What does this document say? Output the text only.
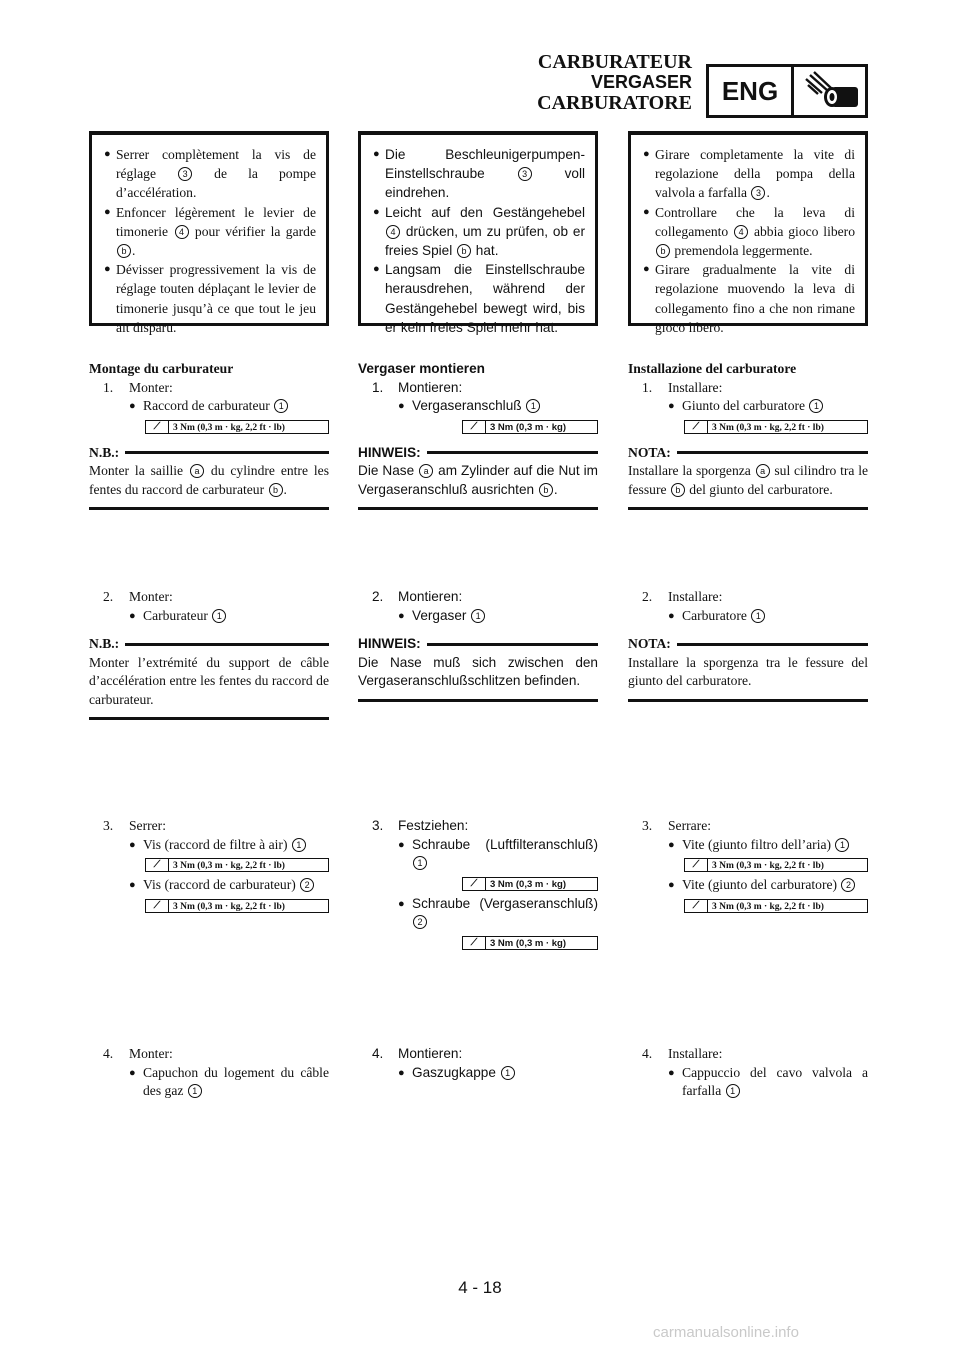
CARBURATEUR
VERGASER
CARBURATORE	ENG
● Serrer complètement la vis de réglage 3 de la pompe d’accélération.
● Enfoncer légèrement le levier de timonerie 4 pour vérifier la garde b .
● Dévisser progressivement la vis de réglage touten déplaçant le levier de timonerie jusqu’à ce que tout le jeu ait disparu.
● Die Beschleunigerpumpen-Einstellschraube 3 voll eindrehen.
● Leicht auf den Gestängehebel 4 drücken, um zu prüfen, ob er freies Spiel b hat.
● Langsam die Einstellschraube herausdrehen, während der Gestängehebel bewegt wird, bis er kein freies Spiel mehr hat.
● Girare completamente la vite di regolazione della pompa della valvola a farfalla 3 .
● Controllare che la leva di collegamento 4 abbia gioco libero b premendola leggermente.
● Girare gradualmente la vite di regolazione muovendo la leva di collegamento fino a che non rimane gioco libero.
Montage du carburateur
1. Monter:
● Raccord de carburateur 1
⟋	3 Nm (0,3 m · kg, 2,2 ft · lb)
N.B.:
Monter la saillie a du cylindre entre les fentes du raccord de carburateur b .
Vergaser montieren
1. Montieren:
● Vergaseranschluß 1
⟋	3 Nm (0,3 m · kg)
HINWEIS:
Die Nase a am Zylinder auf die Nut im Vergaseranschluß ausrichten b .
Installazione del carburatore
1. Installare:
● Giunto del carburatore 1
⟋	3 Nm (0,3 m · kg, 2,2 ft · lb)
NOTA:
Installare la sporgenza a sul cilindro tra le fessure b del giunto del carburatore.
2. Monter:
● Carburateur 1
N.B.:
Monter l’extrémité du support de câble d’accélération entre les fentes du raccord de carburateur.
2. Montieren:
● Vergaser 1
HINWEIS:
Die Nase muß sich zwischen den Vergaseranschlußschlitzen befinden.
2. Installare:
● Carburatore 1
NOTA:
Installare la sporgenza tra le fessure del giunto del carburatore.
3. Serrer:
● Vis (raccord de filtre à air) 1
⟋	3 Nm (0,3 m · kg, 2,2 ft · lb)
● Vis (raccord de carburateur) 2
⟋	3 Nm (0,3 m · kg, 2,2 ft · lb)
3. Festziehen:
● Schraube (Luftfilteranschluß) 1
⟋	3 Nm (0,3 m · kg)
● Schraube (Vergaseranschluß) 2
⟋	3 Nm (0,3 m · kg)
3. Serrare:
● Vite (giunto filtro dell’aria) 1
⟋	3 Nm (0,3 m · kg, 2,2 ft · lb)
● Vite (giunto del carburatore) 2
⟋	3 Nm (0,3 m · kg, 2,2 ft · lb)
4. Monter:
● Capuchon du logement du câble des gaz 1
4. Montieren:
● Gaszugkappe 1
4. Installare:
● Cappuccio del cavo valvola a farfalla 1
4 - 18
carmanualsonline.info
